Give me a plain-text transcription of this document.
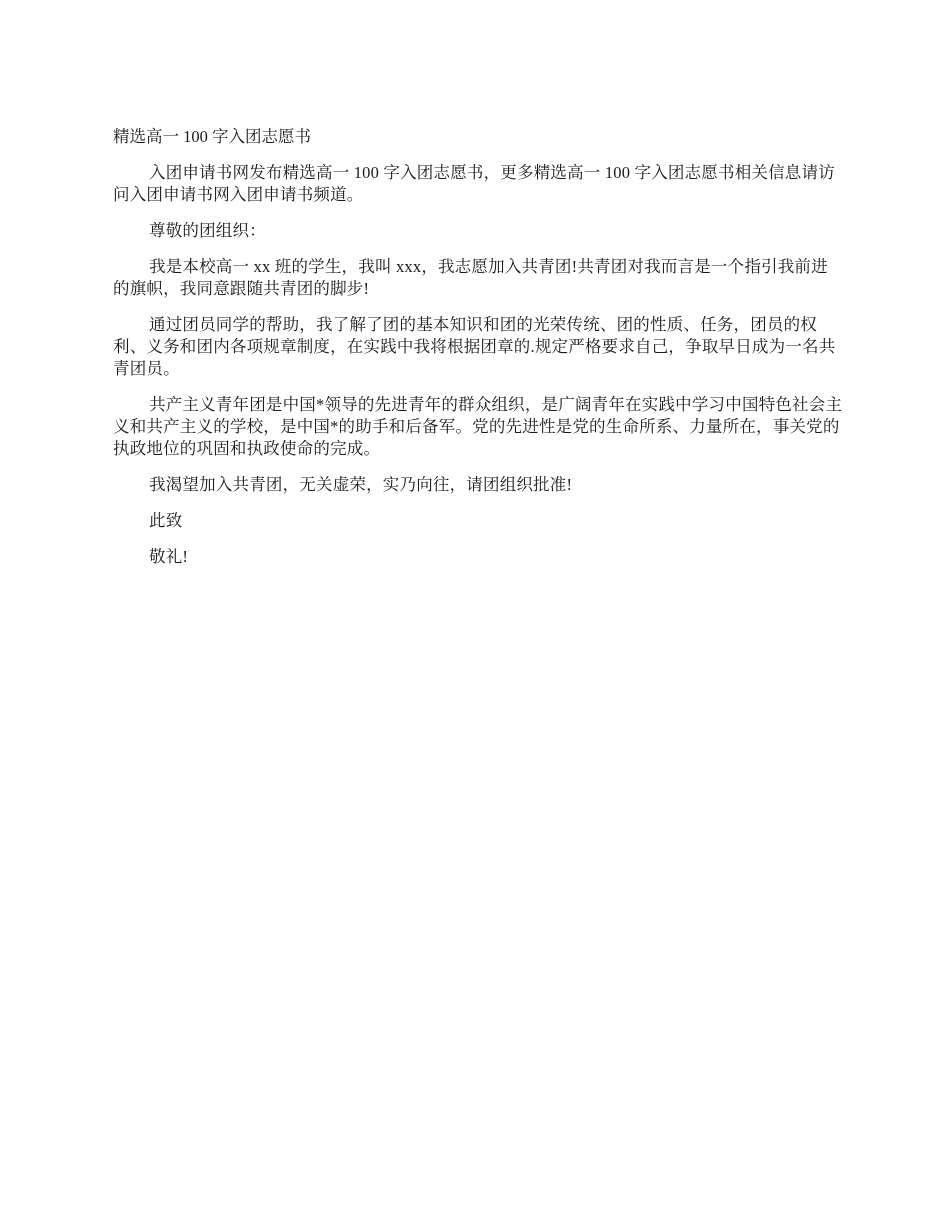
精选高一 100 字入团志愿书

入团申请书网发布精选高一 100 字入团志愿书，更多精选高一 100 字入团志愿书相关信息请访问入团申请书网入团申请书频道。

尊敬的团组织：

我是本校高一 xx 班的学生，我叫 xxx，我志愿加入共青团!共青团对我而言是一个指引我前进的旗帜，我同意跟随共青团的脚步!

通过团员同学的帮助，我了解了团的基本知识和团的光荣传统、团的性质、任务，团员的权利、义务和团内各项规章制度，在实践中我将根据团章的.规定严格要求自己，争取早日成为一名共青团员。

共产主义青年团是中国*领导的先进青年的群众组织，是广阔青年在实践中学习中国特色社会主义和共产主义的学校，是中国*的助手和后备军。党的先进性是党的生命所系、力量所在，事关党的执政地位的巩固和执政使命的完成。

我渴望加入共青团，无关虚荣，实乃向往，请团组织批准!

此致

敬礼!
